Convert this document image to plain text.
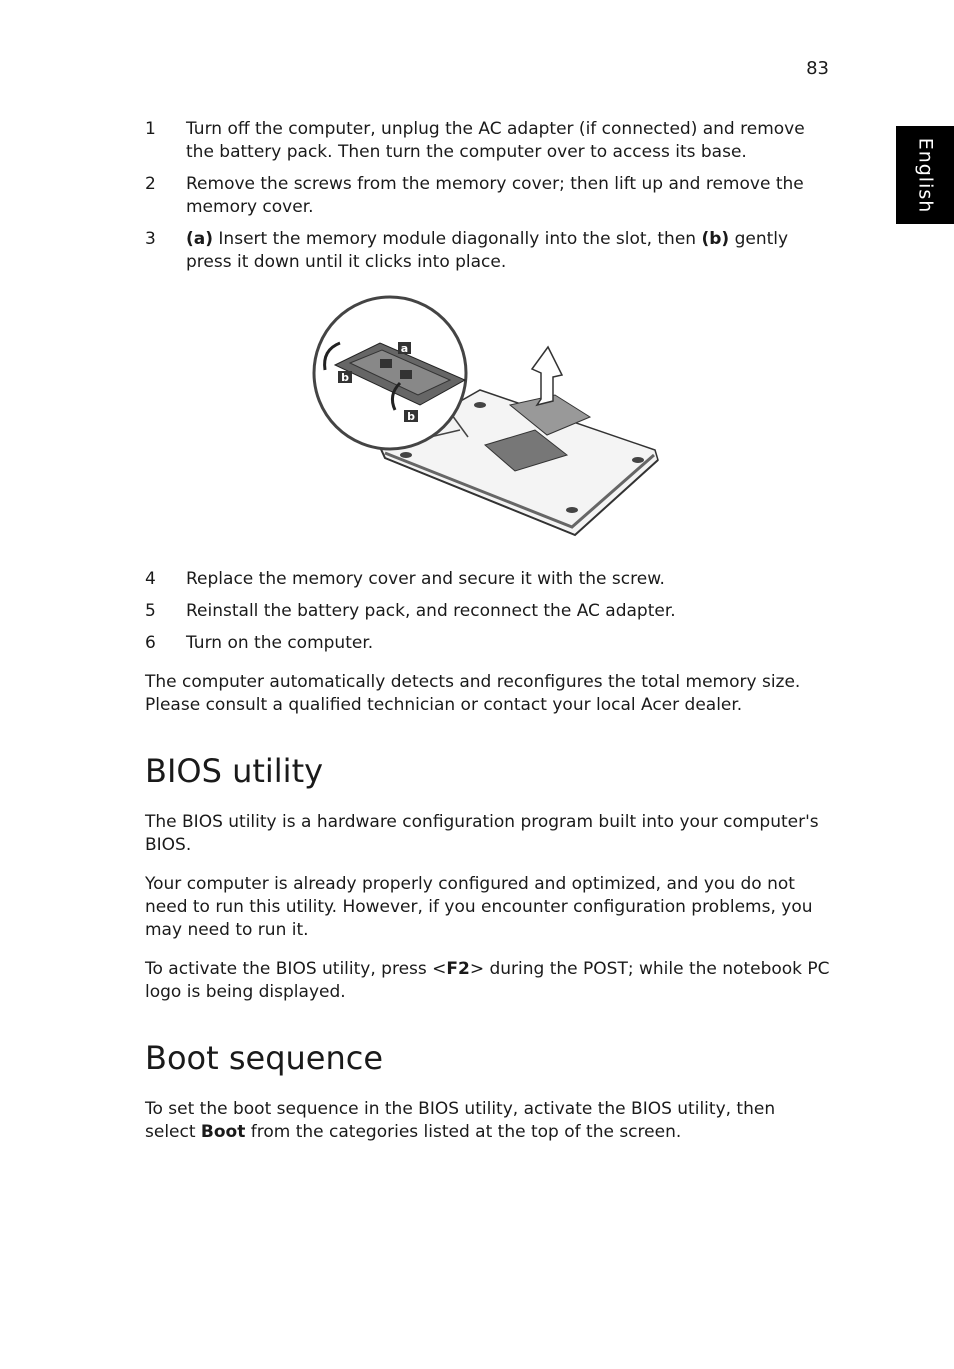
83
English
1	Turn off the computer, unplug the AC adapter (if connected) and remove the battery pack. Then turn the computer over to access its base.
2	Remove the screws from the memory cover; then lift up and remove the memory cover.
3	(a) Insert the memory module diagonally into the slot, then (b) gently press it down until it clicks into place.
a
b
b
4	Replace the memory cover and secure it with the screw.
5	Reinstall the battery pack, and reconnect the AC adapter.
6	Turn on the computer.

The computer automatically detects and reconfigures the total memory size. Please consult a qualified technician or contact your local Acer dealer.

BIOS utility

The BIOS utility is a hardware configuration program built into your computer's BIOS.

Your computer is already properly configured and optimized, and you do not need to run this utility. However, if you encounter configuration problems, you may need to run it.

To activate the BIOS utility, press <F2> during the POST; while the notebook PC logo is being displayed.

Boot sequence

To set the boot sequence in the BIOS utility, activate the BIOS utility, then select Boot from the categories listed at the top of the screen.
